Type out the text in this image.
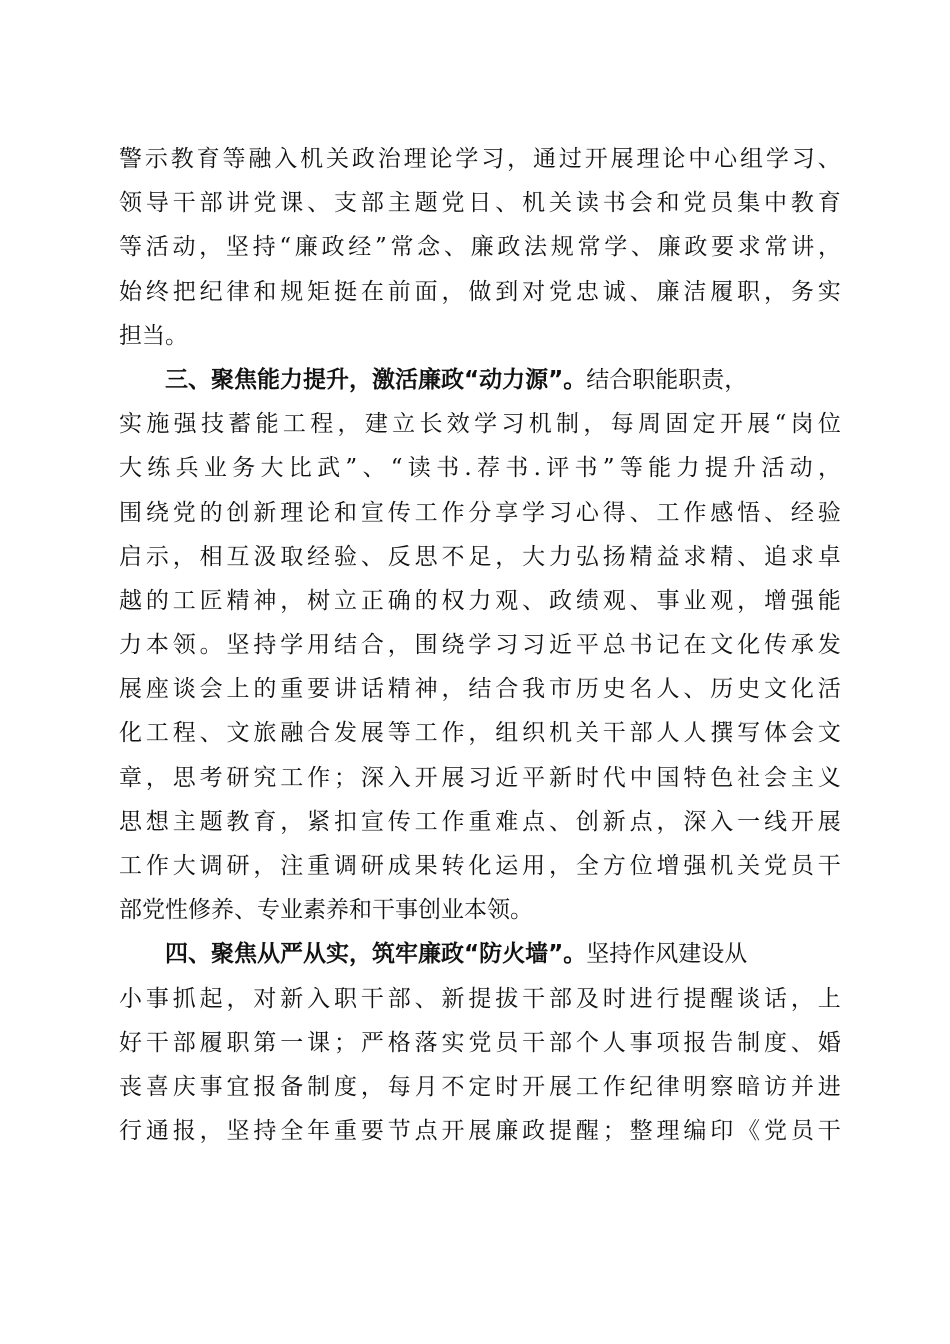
警 示 教 育 等 融 入 机 关 政 治 理 论 学 习 ， 通 过 开 展 理 论 中 心 组 学 习 、
领 导 干 部 讲 党 课 、 支 部 主 题 党 日 、 机 关 读 书 会 和 党 员 集 中 教 育
等 活 动 ， 坚 持 “ 廉 政 经 ” 常 念 、 廉 政 法 规 常 学 、 廉 政 要 求 常 讲 ，
始 终 把 纪 律 和 规 矩 挺 在 前 面 ， 做 到 对 党 忠 诚 、 廉 洁 履 职 ， 务 实
担当。
三、聚焦能力提升，激活廉政“动力源”。 结合职能职责，
实 施 强 技 蓄 能 工 程 ， 建 立 长 效 学 习 机 制 ， 每 周 固 定 开 展 “ 岗 位
大 练 兵 业 务 大 比 武 ” 、 “ 读 书 . 荐 书 . 评 书 ” 等 能 力 提 升 活 动 ，
围 绕 党 的 创 新 理 论 和 宣 传 工 作 分 享 学 习 心 得 、 工 作 感 悟 、 经 验
启 示 ， 相 互 汲 取 经 验 、 反 思 不 足 ， 大 力 弘 扬 精 益 求 精 、 追 求 卓
越 的 工 匠 精 神 ， 树 立 正 确 的 权 力 观 、 政 绩 观 、 事 业 观 ， 增 强 能
力 本 领 。 坚 持 学 用 结 合 ， 围 绕 学 习 习 近 平 总 书 记 在 文 化 传 承 发
展 座 谈 会 上 的 重 要 讲 话 精 神 ， 结 合 我 市 历 史 名 人 、 历 史 文 化 活
化 工 程 、 文 旅 融 合 发 展 等 工 作 ， 组 织 机 关 干 部 人 人 撰 写 体 会 文
章 ， 思 考 研 究 工 作 ； 深 入 开 展 习 近 平 新 时 代 中 国 特 色 社 会 主 义
思 想 主 题 教 育 ， 紧 扣 宣 传 工 作 重 难 点 、 创 新 点 ， 深 入 一 线 开 展
工 作 大 调 研 ， 注 重 调 研 成 果 转 化 运 用 ， 全 方 位 增 强 机 关 党 员 干
部党性修养、专业素养和干事创业本领。
四、聚焦从严从实，筑牢廉政“防火墙”。 坚持作风建设从
小 事 抓 起 ， 对 新 入 职 干 部 、 新 提 拔 干 部 及 时 进 行 提 醒 谈 话 ， 上
好 干 部 履 职 第 一 课 ； 严 格 落 实 党 员 干 部 个 人 事 项 报 告 制 度 、 婚
丧 喜 庆 事 宜 报 备 制 度 ， 每 月 不 定 时 开 展 工 作 纪 律 明 察 暗 访 并 进
行 通 报 ， 坚 持 全 年 重 要 节 点 开 展 廉 政 提 醒 ； 整 理 编 印 《 党 员 干
